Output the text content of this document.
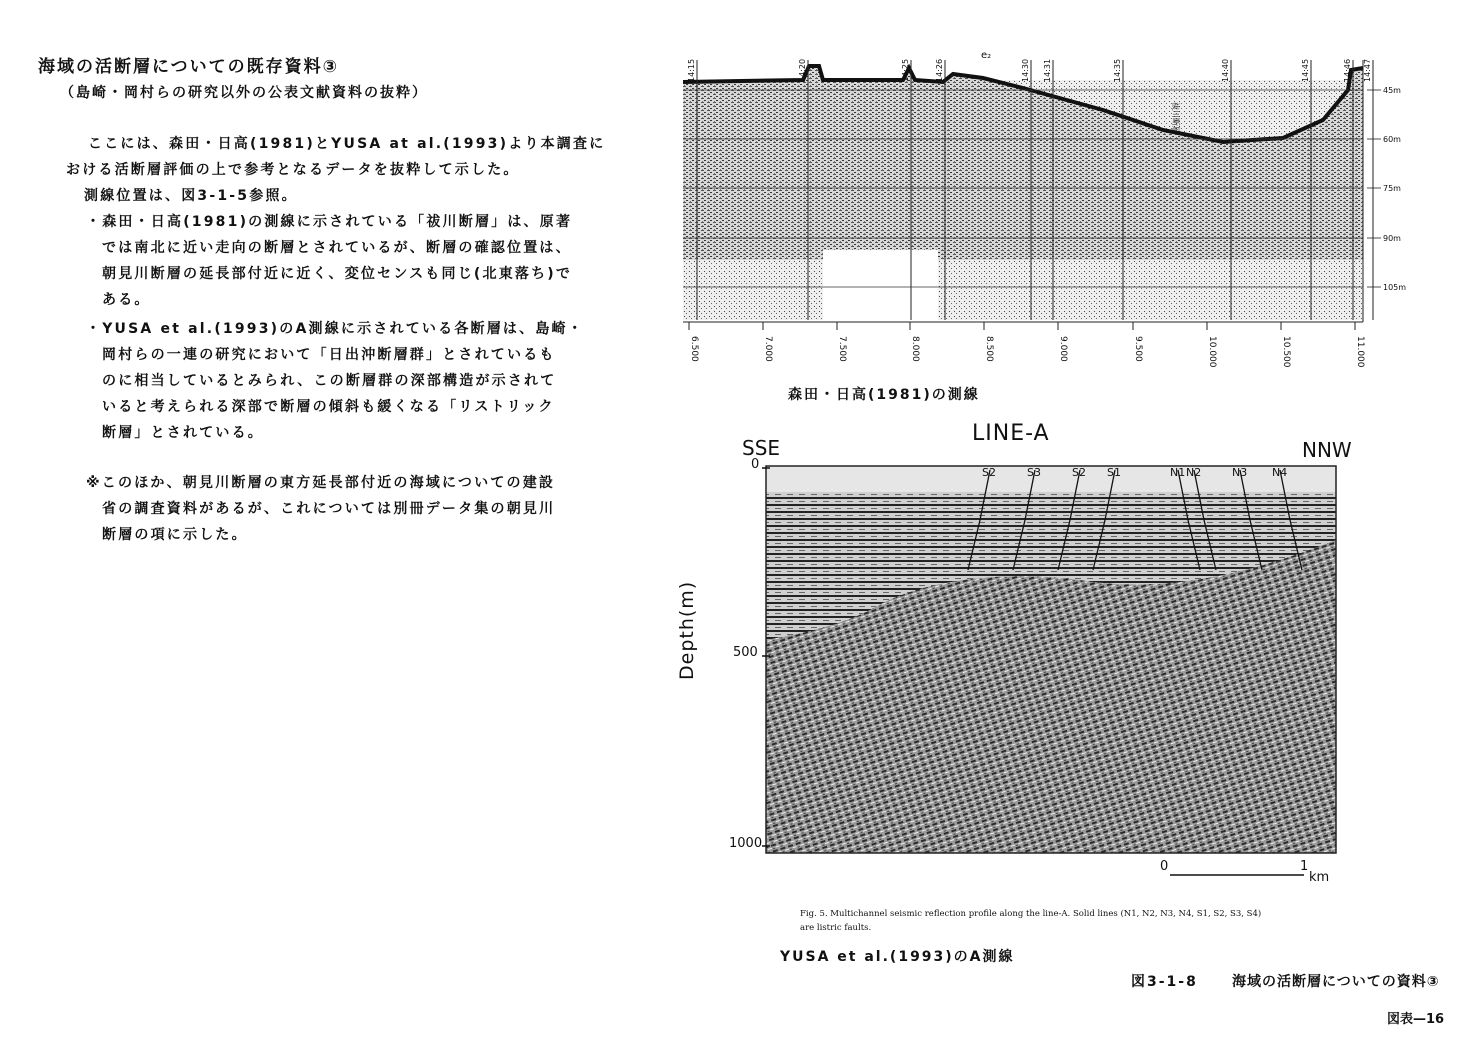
海域の活断層についての既存資料③
（島崎・岡村らの研究以外の公表文献資料の抜粋）
ここには、森田・日高(1981)とYUSA at al.(1993)より本調査に
おける活断層評価の上で参考となるデータを抜粋して示した。
測線位置は、図3-1-5参照。
・森田・日高(1981)の測線に示されている「祓川断層」は、原著
では南北に近い走向の断層とされているが、断層の確認位置は、
朝見川断層の延長部付近に近く、変位センスも同じ(北東落ち)で
ある。
・YUSA et al.(1993)のA測線に示されている各断層は、島崎・
岡村らの一連の研究において「日出沖断層群」とされているも
のに相当しているとみられ、この断層群の深部構造が示されて
いると考えられる深部で断層の傾斜も緩くなる「リストリック
断層」とされている。
※このほか、朝見川断層の東方延長部付近の海域についての建設
省の調査資料があるが、これについては別冊データ集の朝見川
断層の項に示した。
14:15	14:20	14:25	14:26	14:30 14:31	14:35	14:40	14:45	14:46 14:47
45m
60m
75m
90m
105m
6.500	7.000	7.500	8.000	8.500	9.000	9.500	10.000	10.500	11.000
e₂
祓川断層
森田・日高(1981)の測線
S2	S3	S2 S1	N1 N2	N3 N4
LINE-A
SSE	NNW
Depth(m)
0
500
1000
0	1
km
Fig. 5. Multichannel seismic reflection profile along the line-A. Solid lines (N1, N2, N3, N4, S1, S2, S3, S4) are listric faults.
YUSA et al.(1993)のA測線
図3-1-8 海域の活断層についての資料③
図表—16
